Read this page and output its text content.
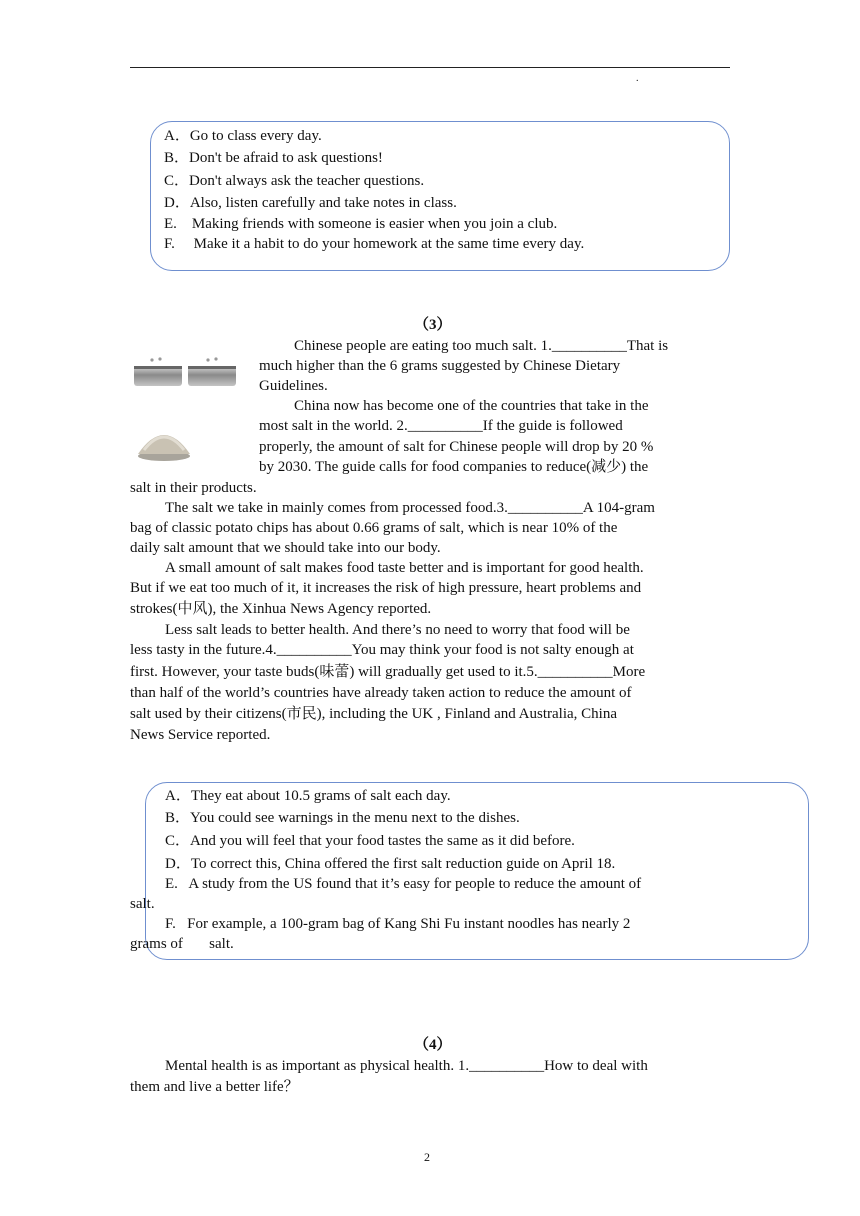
.
A．Go to class every day.
B．Don't be afraid to ask questions!
C．Don't always ask the teacher questions.
D．Also, listen carefully and take notes in class.
E.    Making friends with someone is easier when you join a club.
F.     Make it a habit to do your homework at the same time every day.
（3）
Chinese people are eating too much salt. 1.__________That is
much higher than the 6 grams suggested by Chinese Dietary
Guidelines.
China now has become one of the countries that take in the
most salt in the world. 2.__________If the guide is followed
properly, the amount of salt for Chinese people will drop by 20 %
by 2030. The guide calls for food companies to reduce(减少) the
salt in their products.
The salt we take in mainly comes from processed food.3.__________A 104-gram
bag of classic potato chips has about 0.66 grams of salt, which is near 10% of the
daily salt amount that we should take into our body.
A small amount of salt makes food taste better and is important for good health.
But if we eat too much of it, it increases the risk of high pressure, heart problems and
strokes(中风), the Xinhua News Agency reported.
Less salt leads to better health. And there’s no need to worry that food will be
less tasty in the future.4.__________You may think your food is not salty enough at
first. However, your taste buds(味蕾) will gradually get used to it.5.__________More
than half of the world’s countries have already taken action to reduce the amount of
salt used by their citizens(市民), including the UK , Finland and Australia, China
News Service reported.
A．They eat about 10.5 grams of salt each day.
B．You could see warnings in the menu next to the dishes.
C．And you will feel that your food tastes the same as it did before.
D．To correct this, China offered the first salt reduction guide on April 18.
E.   A study from the US found that it’s easy for people to reduce the amount of
salt.
F.   For example, a 100-gram bag of Kang Shi Fu instant noodles has nearly 2
grams of       salt.
（4）
Mental health is as important as physical health. 1.__________How to deal with
them and live a better life？
2
